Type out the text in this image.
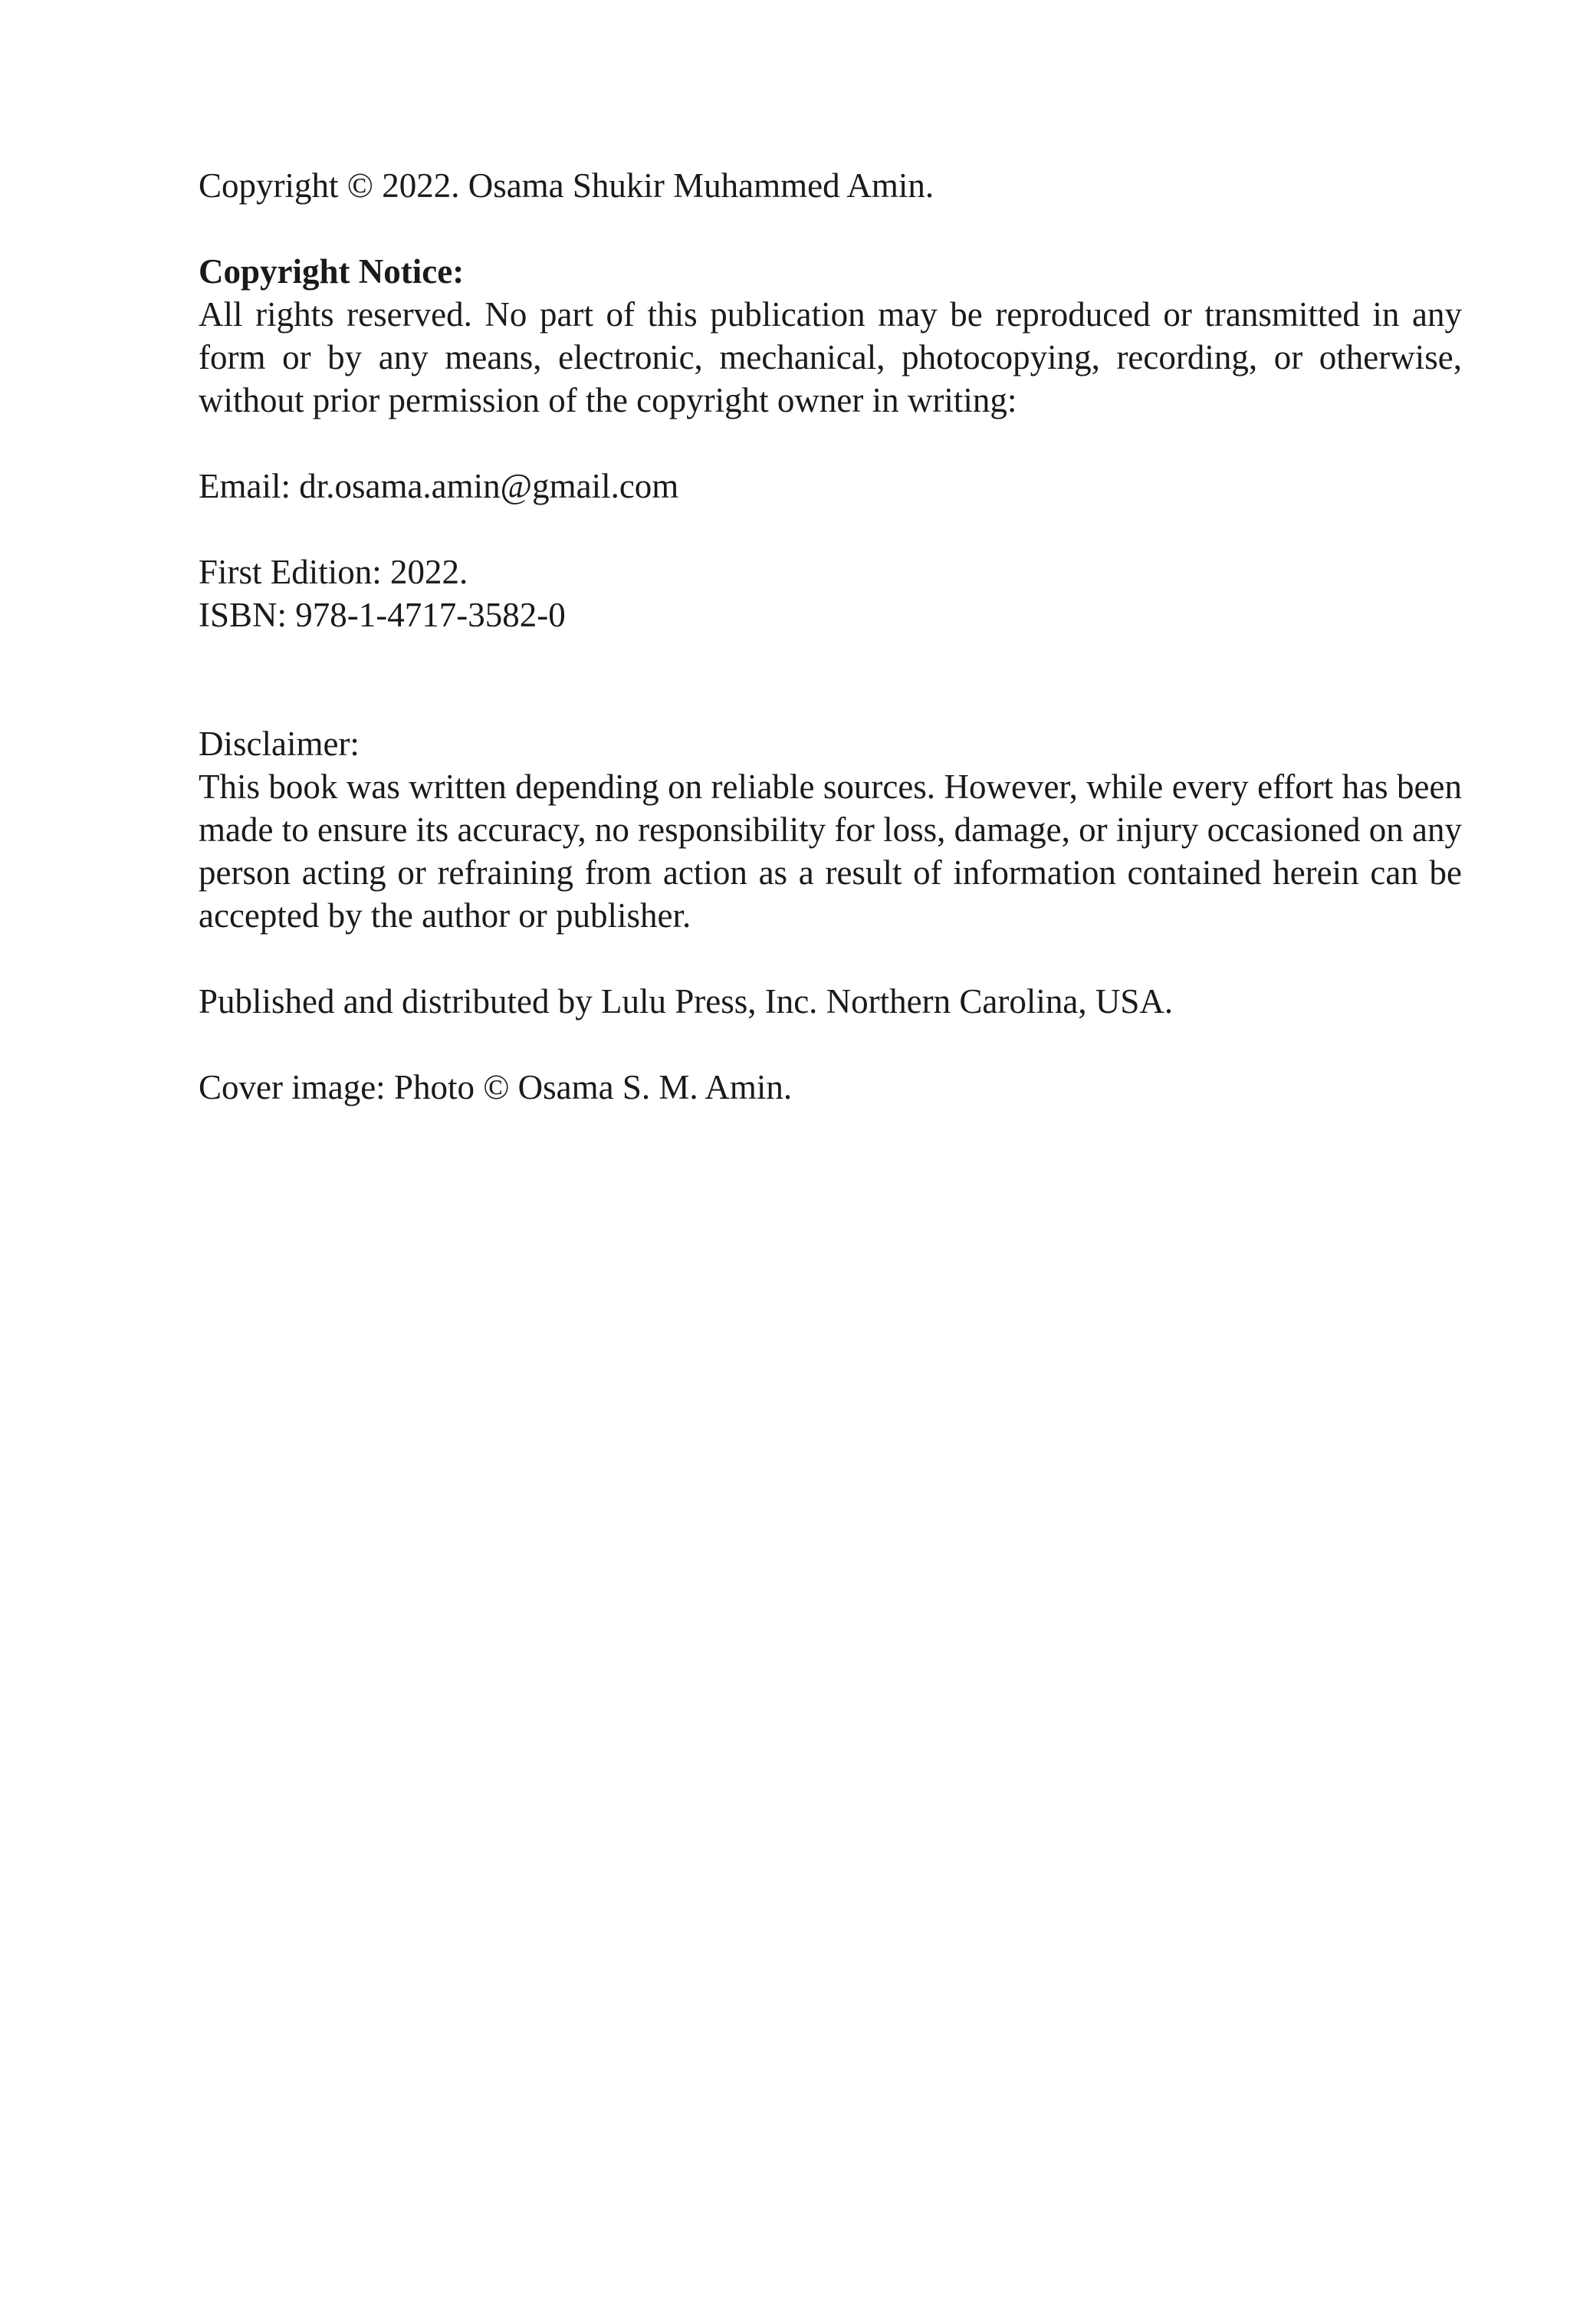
Copyright © 2022. Osama Shukir Muhammed Amin.

Copyright Notice:

All rights reserved. No part of this publication may be reproduced or transmitted in any form or by any means, electronic, mechanical, photocopying, recording, or otherwise, without prior permission of the copyright owner in writing:

Email: dr.osama.amin@gmail.com

First Edition: 2022.

ISBN: 978-1-4717-3582-0

Disclaimer:

This book was written depending on reliable sources. However, while every effort has been made to ensure its accuracy, no responsibility for loss, damage, or injury occasioned on any person acting or refraining from action as a result of information contained herein can be accepted by the author or publisher.

Published and distributed by Lulu Press, Inc. Northern Carolina, USA.

Cover image: Photo © Osama S. M. Amin.
